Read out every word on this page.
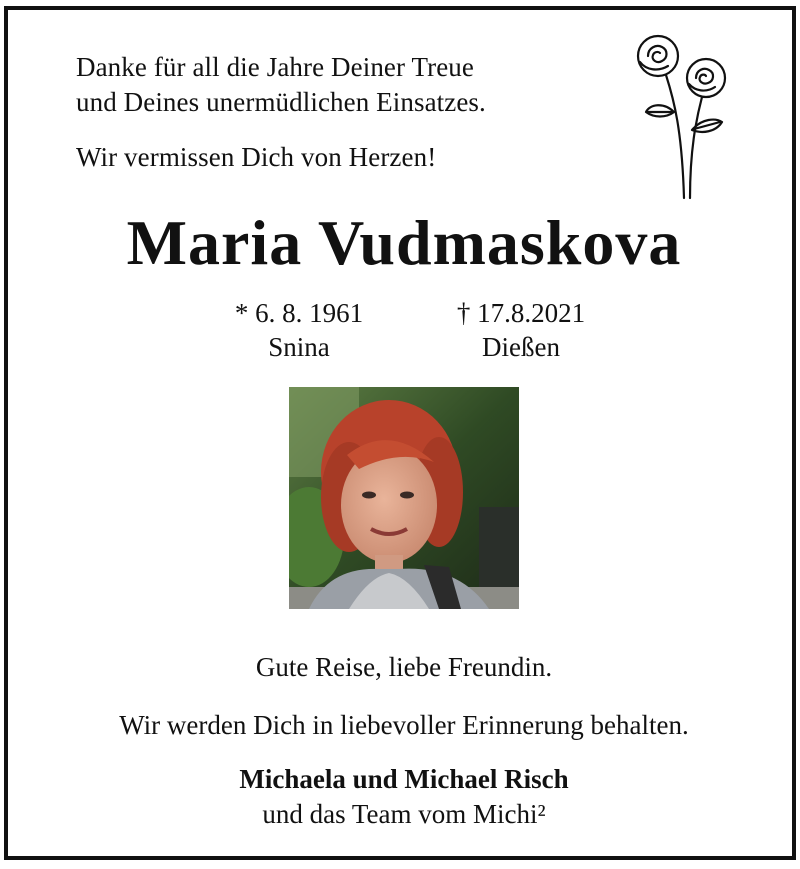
Danke für all die Jahre Deiner Treue

und Deines unermüdlichen Einsatzes.

Wir vermissen Dich von Herzen!

Maria Vudmaskova
* 6. 8. 1961
Snina
† 17.8.2021
Dießen
Gute Reise, liebe Freundin.
Wir werden Dich in liebevoller Erinnerung behalten.
Michaela und Michael Risch
und das Team vom Michi²
